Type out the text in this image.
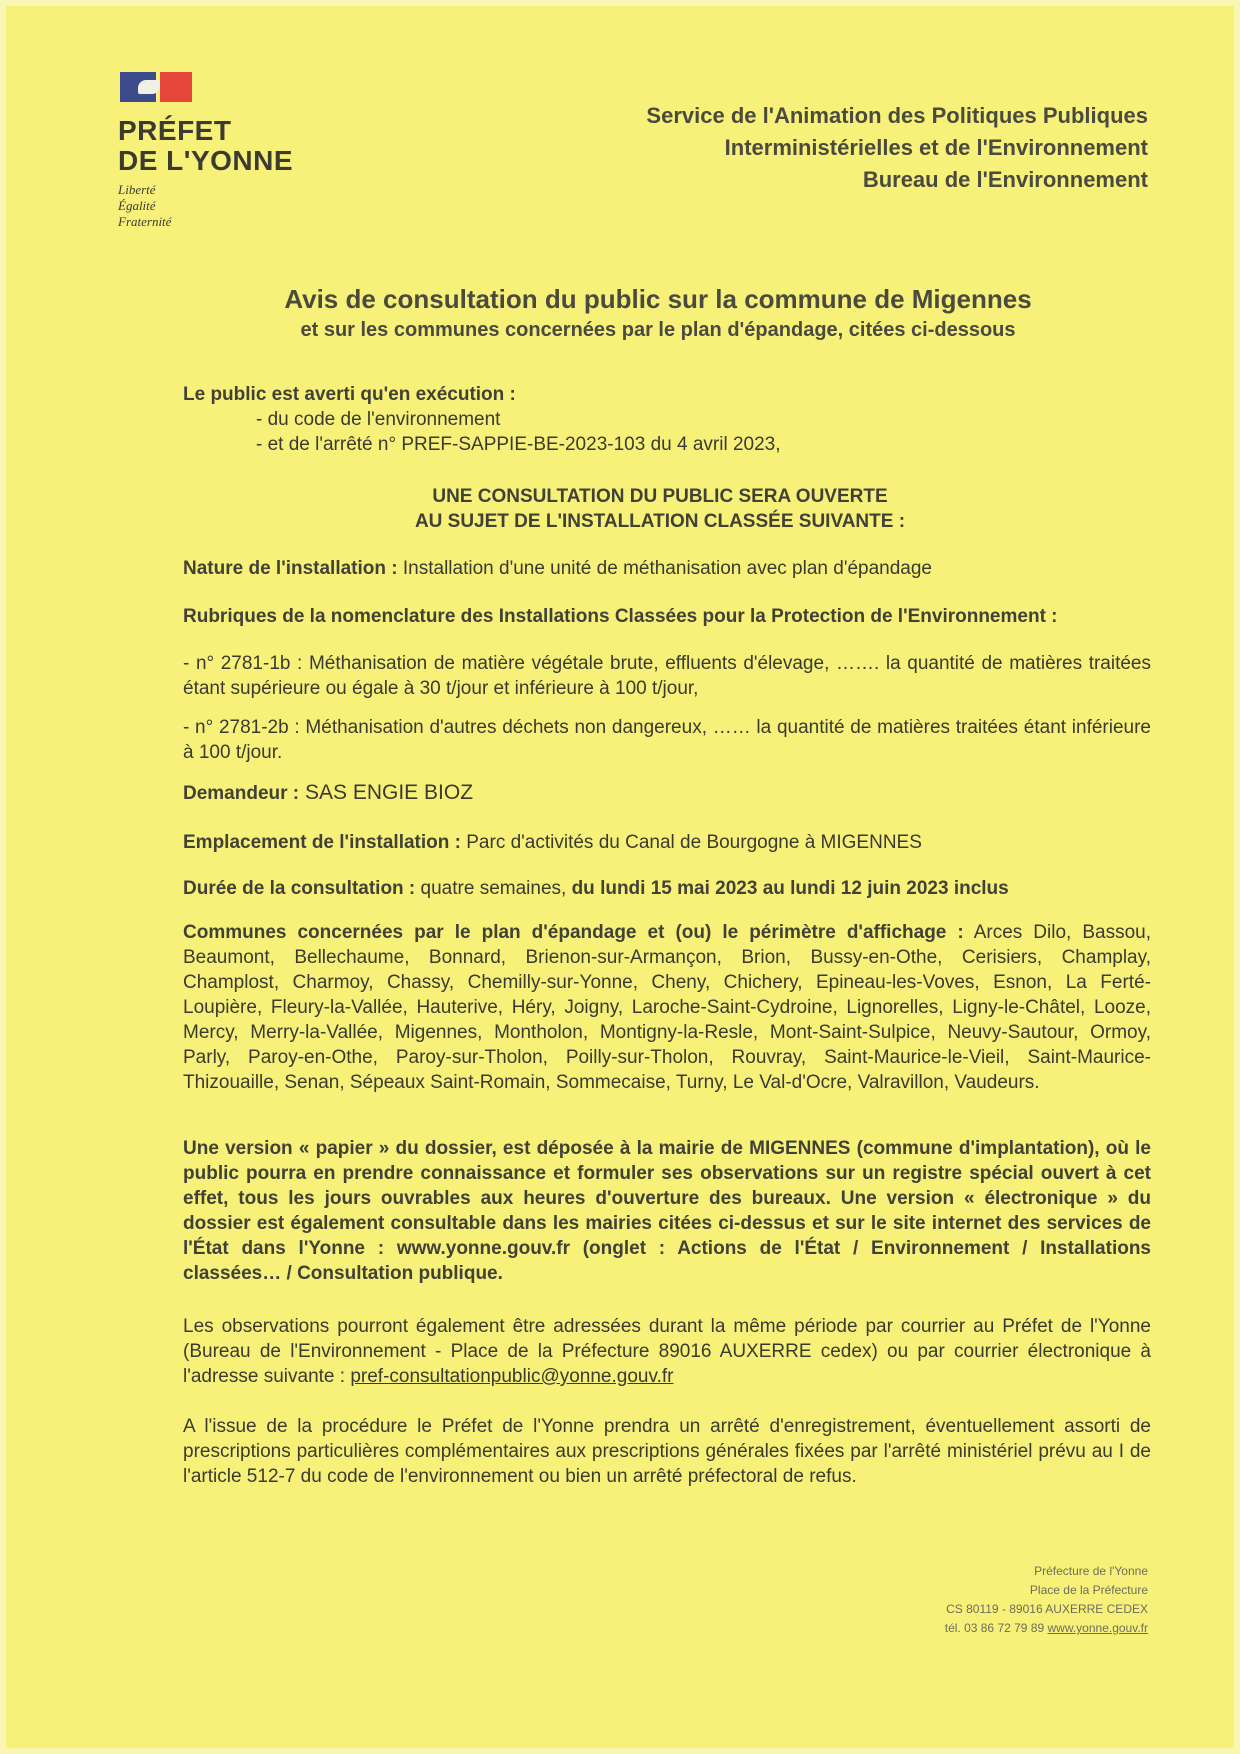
PRÉFET
DE L'YONNE
Liberté
Égalité
Fraternité
Service de l'Animation des Politiques Publiques
Interministérielles et de l'Environnement
Bureau de l'Environnement
Avis de consultation du public sur la commune de Migennes
et sur les communes concernées par le plan d'épandage, citées ci-dessous
Le public est averti qu'en exécution :
- du code de l'environnement
- et de l'arrêté n° PREF-SAPPIE-BE-2023-103 du 4 avril 2023,
UNE CONSULTATION DU PUBLIC SERA OUVERTE
AU SUJET DE L'INSTALLATION CLASSÉE SUIVANTE :
Nature de l'installation : Installation d'une unité de méthanisation avec plan d'épandage

Rubriques de la nomenclature des Installations Classées pour la Protection de l'Environnement :

- n° 2781-1b : Méthanisation de matière végétale brute, effluents d'élevage, ……. la quantité de matières traitées étant supérieure ou égale à 30 t/jour et inférieure à 100 t/jour,

- n° 2781-2b : Méthanisation d'autres déchets non dangereux, …… la quantité de matières traitées étant inférieure à 100 t/jour.

Demandeur : SAS ENGIE BIOZ
Emplacement de l'installation : Parc d'activités du Canal de Bourgogne à MIGENNES
Durée de la consultation : quatre semaines, du lundi 15 mai 2023 au lundi 12 juin 2023 inclus
Communes concernées par le plan d'épandage et (ou) le périmètre d'affichage : Arces Dilo, Bassou, Beaumont, Bellechaume, Bonnard, Brienon-sur-Armançon, Brion, Bussy-en-Othe, Cerisiers, Champlay, Champlost, Charmoy, Chassy, Chemilly-sur-Yonne, Cheny, Chichery, Epineau-les-Voves, Esnon, La Ferté-Loupière, Fleury-la-Vallée, Hauterive, Héry, Joigny, Laroche-Saint-Cydroine, Lignorelles, Ligny-le-Châtel, Looze, Mercy, Merry-la-Vallée, Migennes, Montholon, Montigny-la-Resle, Mont-Saint-Sulpice, Neuvy-Sautour, Ormoy, Parly, Paroy-en-Othe, Paroy-sur-Tholon, Poilly-sur-Tholon, Rouvray, Saint-Maurice-le-Vieil, Saint-Maurice-Thizouaille, Senan, Sépeaux Saint-Romain, Sommecaise, Turny, Le Val-d'Ocre, Valravillon, Vaudeurs.
Une version « papier » du dossier, est déposée à la mairie de MIGENNES (commune d'implantation), où le public pourra en prendre connaissance et formuler ses observations sur un registre spécial ouvert à cet effet, tous les jours ouvrables aux heures d'ouverture des bureaux. Une version « électronique » du dossier est également consultable dans les mairies citées ci-dessus et sur le site internet des services de l'État dans l'Yonne : www.yonne.gouv.fr (onglet : Actions de l'État / Environnement / Installations classées… / Consultation publique.
Les observations pourront également être adressées durant la même période par courrier au Préfet de l'Yonne (Bureau de l'Environnement - Place de la Préfecture 89016 AUXERRE cedex) ou par courrier électronique à l'adresse suivante : pref-consultationpublic@yonne.gouv.fr
A l'issue de la procédure le Préfet de l'Yonne prendra un arrêté d'enregistrement, éventuellement assorti de prescriptions particulières complémentaires aux prescriptions générales fixées par l'arrêté ministériel prévu au I de l'article 512-7 du code de l'environnement ou bien un arrêté préfectoral de refus.
Préfecture de l'Yonne
Place de la Préfecture
CS 80119 - 89016 AUXERRE CEDEX
tél. 03 86 72 79 89 www.yonne.gouv.fr
